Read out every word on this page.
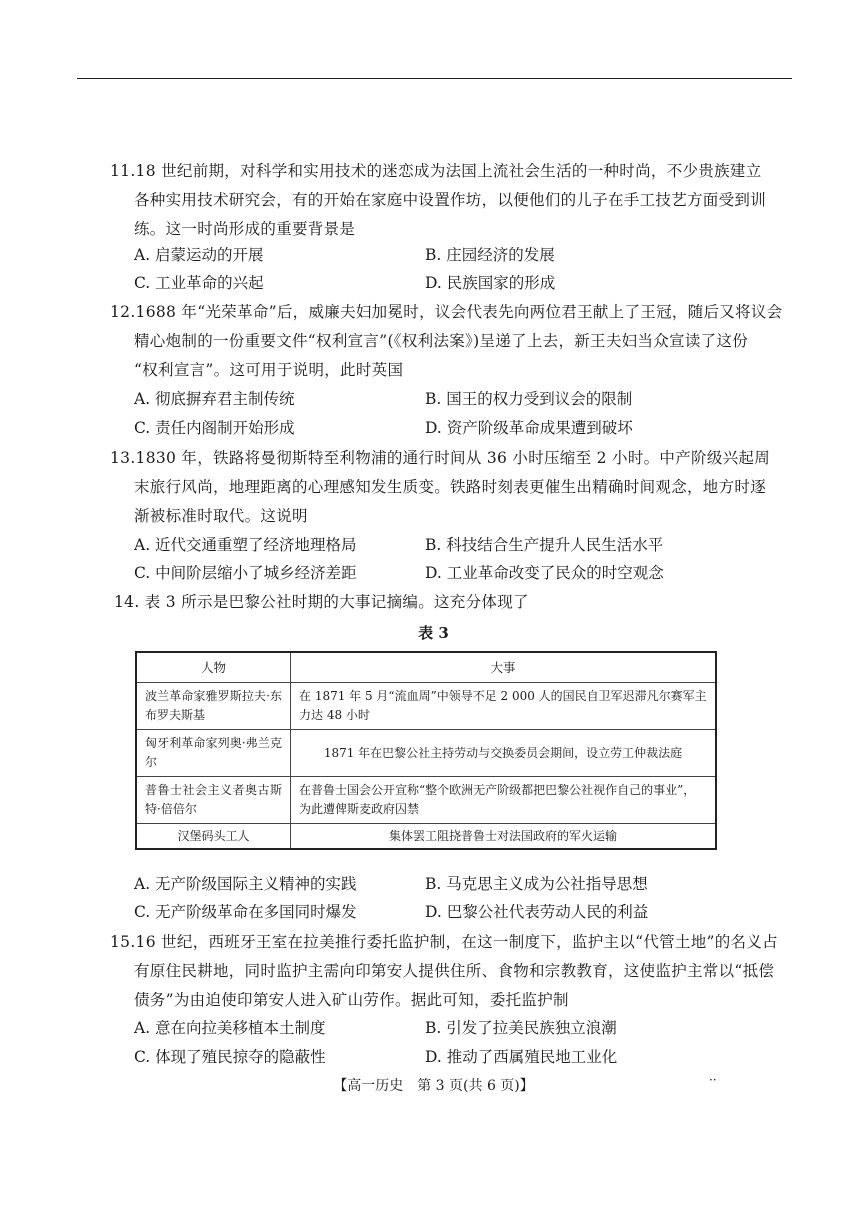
11.18 世纪前期，对科学和实用技术的迷恋成为法国上流社会生活的一种时尚，不少贵族建立
各种实用技术研究会，有的开始在家庭中设置作坊，以便他们的儿子在手工技艺方面受到训
练。这一时尚形成的重要背景是
A. 启蒙运动的开展	B. 庄园经济的发展
C. 工业革命的兴起	D. 民族国家的形成
12.1688 年“光荣革命”后，威廉夫妇加冕时，议会代表先向两位君王献上了王冠，随后又将议会
精心炮制的一份重要文件“权利宣言”(《权利法案》)呈递了上去，新王夫妇当众宣读了这份
“权利宣言”。这可用于说明，此时英国
A. 彻底摒弃君主制传统	B. 国王的权力受到议会的限制
C. 责任内阁制开始形成	D. 资产阶级革命成果遭到破坏
13.1830 年，铁路将曼彻斯特至利物浦的通行时间从 36 小时压缩至 2 小时。中产阶级兴起周
末旅行风尚，地理距离的心理感知发生质变。铁路时刻表更催生出精确时间观念，地方时逐
渐被标准时取代。这说明
A. 近代交通重塑了经济地理格局	B. 科技结合生产提升人民生活水平
C. 中间阶层缩小了城乡经济差距	D. 工业革命改变了民众的时空观念
14. 表 3 所示是巴黎公社时期的大事记摘编。这充分体现了
表 3
人物	大事
波兰革命家雅罗斯拉夫·东布罗夫斯基	在 1871 年 5 月“流血周”中领导不足 2 000 人的国民自卫军迟滞凡尔赛军主力达 48 小时
匈牙利革命家列奥·弗兰克尔	1871 年在巴黎公社主持劳动与交换委员会期间，设立劳工仲裁法庭
普鲁士社会主义者奥古斯特·倍倍尔	在普鲁士国会公开宣称“整个欧洲无产阶级都把巴黎公社视作自己的事业”，为此遭俾斯麦政府囚禁
汉堡码头工人	集体罢工阻挠普鲁士对法国政府的军火运输
A. 无产阶级国际主义精神的实践	B. 马克思主义成为公社指导思想
C. 无产阶级革命在多国同时爆发	D. 巴黎公社代表劳动人民的利益
15.16 世纪，西班牙王室在拉美推行委托监护制，在这一制度下，监护主以“代管土地”的名义占
有原住民耕地，同时监护主需向印第安人提供住所、食物和宗教教育，这使监护主常以“抵偿
债务”为由迫使印第安人进入矿山劳作。据此可知，委托监护制
A. 意在向拉美移植本土制度	B. 引发了拉美民族独立浪潮
C. 体现了殖民掠夺的隐蔽性	D. 推动了西属殖民地工业化
【高一历史　第 3 页(共 6 页)】	··
